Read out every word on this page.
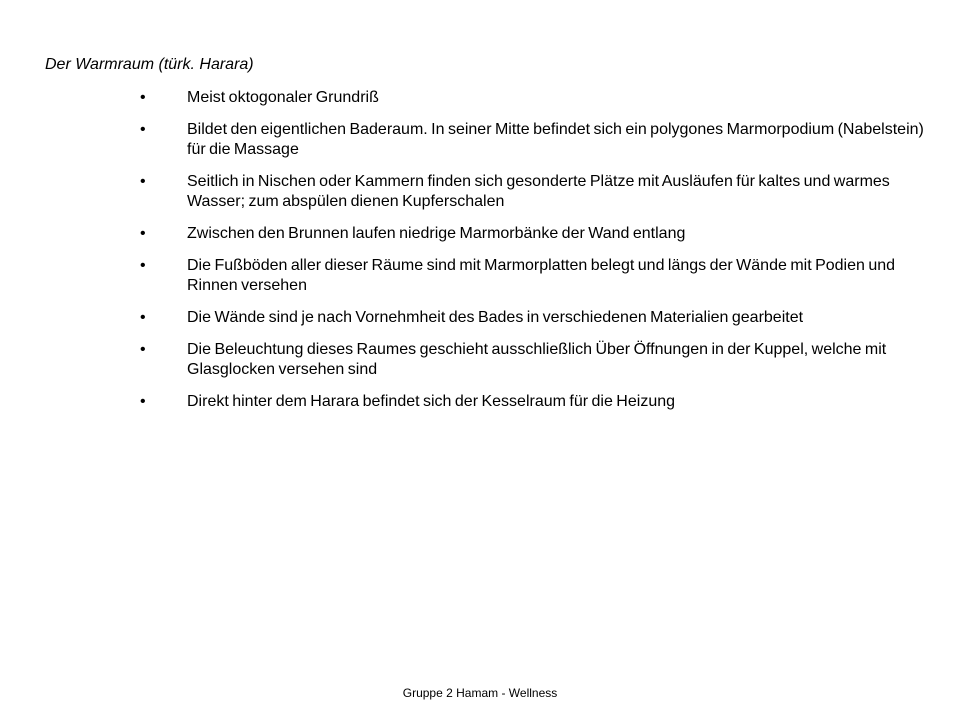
Der Warmraum (türk. Harara)
•	Meist oktogonaler Grundriß
•	Bildet den eigentlichen Baderaum. In seiner Mitte befindet sich ein polygones Marmorpodium (Nabelstein) für die Massage
•	Seitlich in Nischen oder Kammern finden sich gesonderte Plätze mit Ausläufen für kaltes und warmes Wasser; zum abspülen dienen Kupferschalen
•	Zwischen den Brunnen laufen niedrige Marmorbänke der Wand entlang
•	Die Fußböden aller dieser Räume sind mit Marmorplatten belegt und längs der Wände mit Podien und Rinnen versehen
•	Die Wände sind je nach Vornehmheit des Bades in verschiedenen Materialien gearbeitet
•	Die Beleuchtung dieses Raumes geschieht ausschließlich Über Öffnungen in der Kuppel, welche mit Glasglocken versehen sind
•	Direkt hinter dem Harara befindet sich der Kesselraum für die Heizung
Gruppe 2 Hamam - Wellness
